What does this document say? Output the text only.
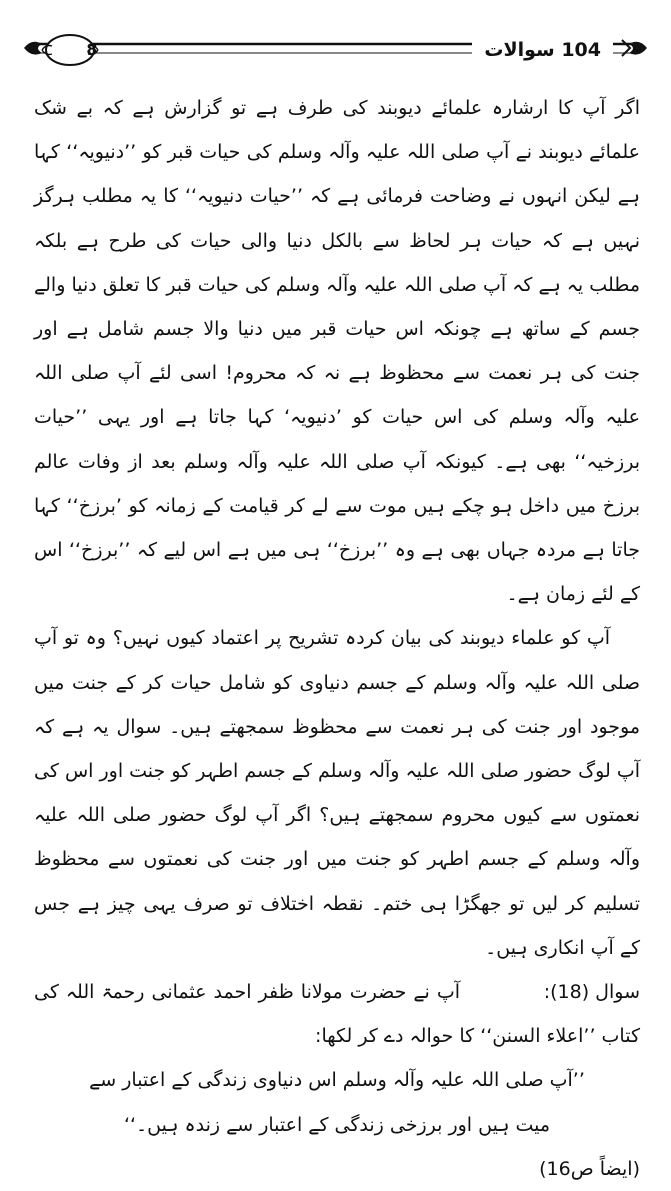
8	104 سوالات

اگر آپ کا ارشارہ علمائے دیوبند کی طرف ہے تو گزارش ہے کہ بے شک علمائے دیوبند نے آپ صلی اللہ علیہ وآلہ وسلم کی حیات قبر کو ’’دنیویہ‘‘ کہا ہے لیکن انہوں نے وضاحت فرمائی ہے کہ ’’حیات دنیویہ‘‘ کا یہ مطلب ہرگز نہیں ہے کہ حیات ہر لحاظ سے بالکل دنیا والی حیات کی طرح ہے بلکہ مطلب یہ ہے کہ آپ صلی اللہ علیہ وآلہ وسلم کی حیات قبر کا تعلق دنیا والے جسم کے ساتھ ہے چونکہ اس حیات قبر میں دنیا والا جسم شامل ہے اور جنت کی ہر نعمت سے محظوظ ہے نہ کہ محروم! اسی لئے آپ صلی اللہ علیہ وآلہ وسلم کی اس حیات کو ’دنیویہ‘ کہا جاتا ہے اور یہی ’’حیات برزخیہ‘‘ بھی ہے۔ کیونکہ آپ صلی اللہ علیہ وآلہ وسلم بعد از وفات عالم برزخ میں داخل ہو چکے ہیں موت سے لے کر قیامت کے زمانہ کو ’برزخ‘‘ کہا جاتا ہے مردہ جہاں بھی ہے وہ ’’برزخ‘‘ ہی میں ہے اس لیے کہ ’’برزخ‘‘ اس کے لئے زمان ہے۔

آپ کو علماء دیوبند کی بیان کردہ تشریح پر اعتماد کیوں نہیں؟ وہ تو آپ صلی اللہ علیہ وآلہ وسلم کے جسم دنیاوی کو شامل حیات کر کے جنت میں موجود اور جنت کی ہر نعمت سے محظوظ سمجھتے ہیں۔ سوال یہ ہے کہ آپ لوگ حضور صلی اللہ علیہ وآلہ وسلم کے جسم اطہر کو جنت اور اس کی نعمتوں سے کیوں محروم سمجھتے ہیں؟ اگر آپ لوگ حضور صلی اللہ علیہ وآلہ وسلم کے جسم اطہر کو جنت میں اور جنت کی نعمتوں سے محظوظ تسلیم کر لیں تو جھگڑا ہی ختم۔ نقطہ اختلاف تو صرف یہی چیز ہے جس کے آپ انکاری ہیں۔

سوال (18):آپ نے حضرت مولانا ظفر احمد عثمانی رحمۃ اللہ کی کتاب ’’اعلاء السنن‘‘ کا حوالہ دے کر لکھا:

’’آپ صلی اللہ علیہ وآلہ وسلم اس دنیاوی زندگی کے اعتبار سے میت ہیں اور برزخی زندگی کے اعتبار سے زندہ ہیں۔‘‘

(ایضاً ص16)
